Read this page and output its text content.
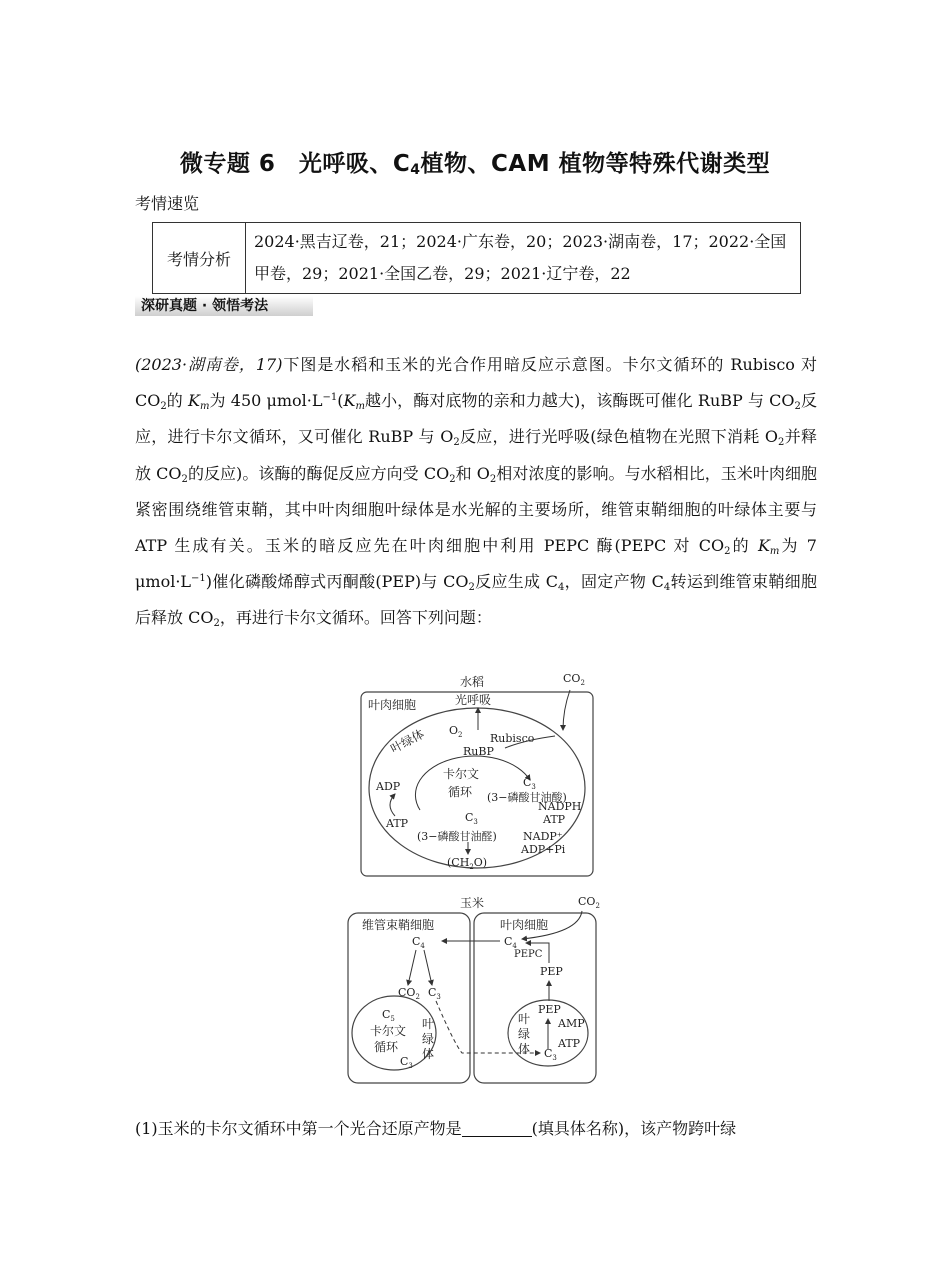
微专题 6　光呼吸、$C_4$植物、CAM 植物等特殊代谢类型
考情速览
考情分析
2024·黑吉辽卷，21；2024·广东卷，20；2023·湖南卷，17；2022·全国甲卷，29；2021·全国乙卷，29；2021·辽宁卷，22
深研真题 · 领悟考法
(2023·湖南卷，17)下图是水稻和玉米的光合作用暗反应示意图。卡尔文循环的 Rubisco 对 $CO_2$的 $K_m$为 450 $\mu mol\cdot L^{-1}(K_m$越小，酶对底物的亲和力越大)，该酶既可催化 RuBP 与 $CO_2$反应，进行卡尔文循环，又可催化 RuBP 与 $O_2$反应，进行光呼吸(绿色植物在光照下消耗 $O_2$并释放 $CO_2$的反应)。该酶的酶促反应方向受 $CO_2$和 $O_2$相对浓度的影响。与水稻相比，玉米叶肉细胞紧密围绕维管束鞘，其中叶肉细胞叶绿体是水光解的主要场所，维管束鞘细胞的叶绿体主要与 ATP 生成有关。玉米的暗反应先在叶肉细胞中利用 PEPC 酶(PEPC 对 $CO_2$的 $K_m$为 7 $\mu mol\cdot L^{-1}$)催化磷酸烯醇式丙酮酸(PEP)与 $CO_2$反应生成 $C_4$，固定产物 $C_4$转运到维管束鞘细胞后释放 $CO_2$，再进行卡尔文循环。回答下列问题：
水稻
光呼吸
$CO_2$
叶肉细胞
叶绿体 $O_2$	Rubisco
RuBP
卡尔文
循环
$C_3$
(3−磷酸甘油酸)
ADP
ATP
NADPH
ATP
$C_3$
(3−磷酸甘油醛) NADP⁺
ADP+Pi
$(CH_2O)$
玉米	$CO_2$
维管束鞘细胞	叶肉细胞
$C_4$	$C_4$
PEPC
PEP
$CO_2$ $C_3$
$C_5$
卡尔文
循环
$C_3$
叶
绿
体
叶
绿
体
PEP
AMP
ATP
$C_3$
(1)玉米的卡尔文循环中第一个光合还原产物是	(填具体名称)，该产物跨叶绿
